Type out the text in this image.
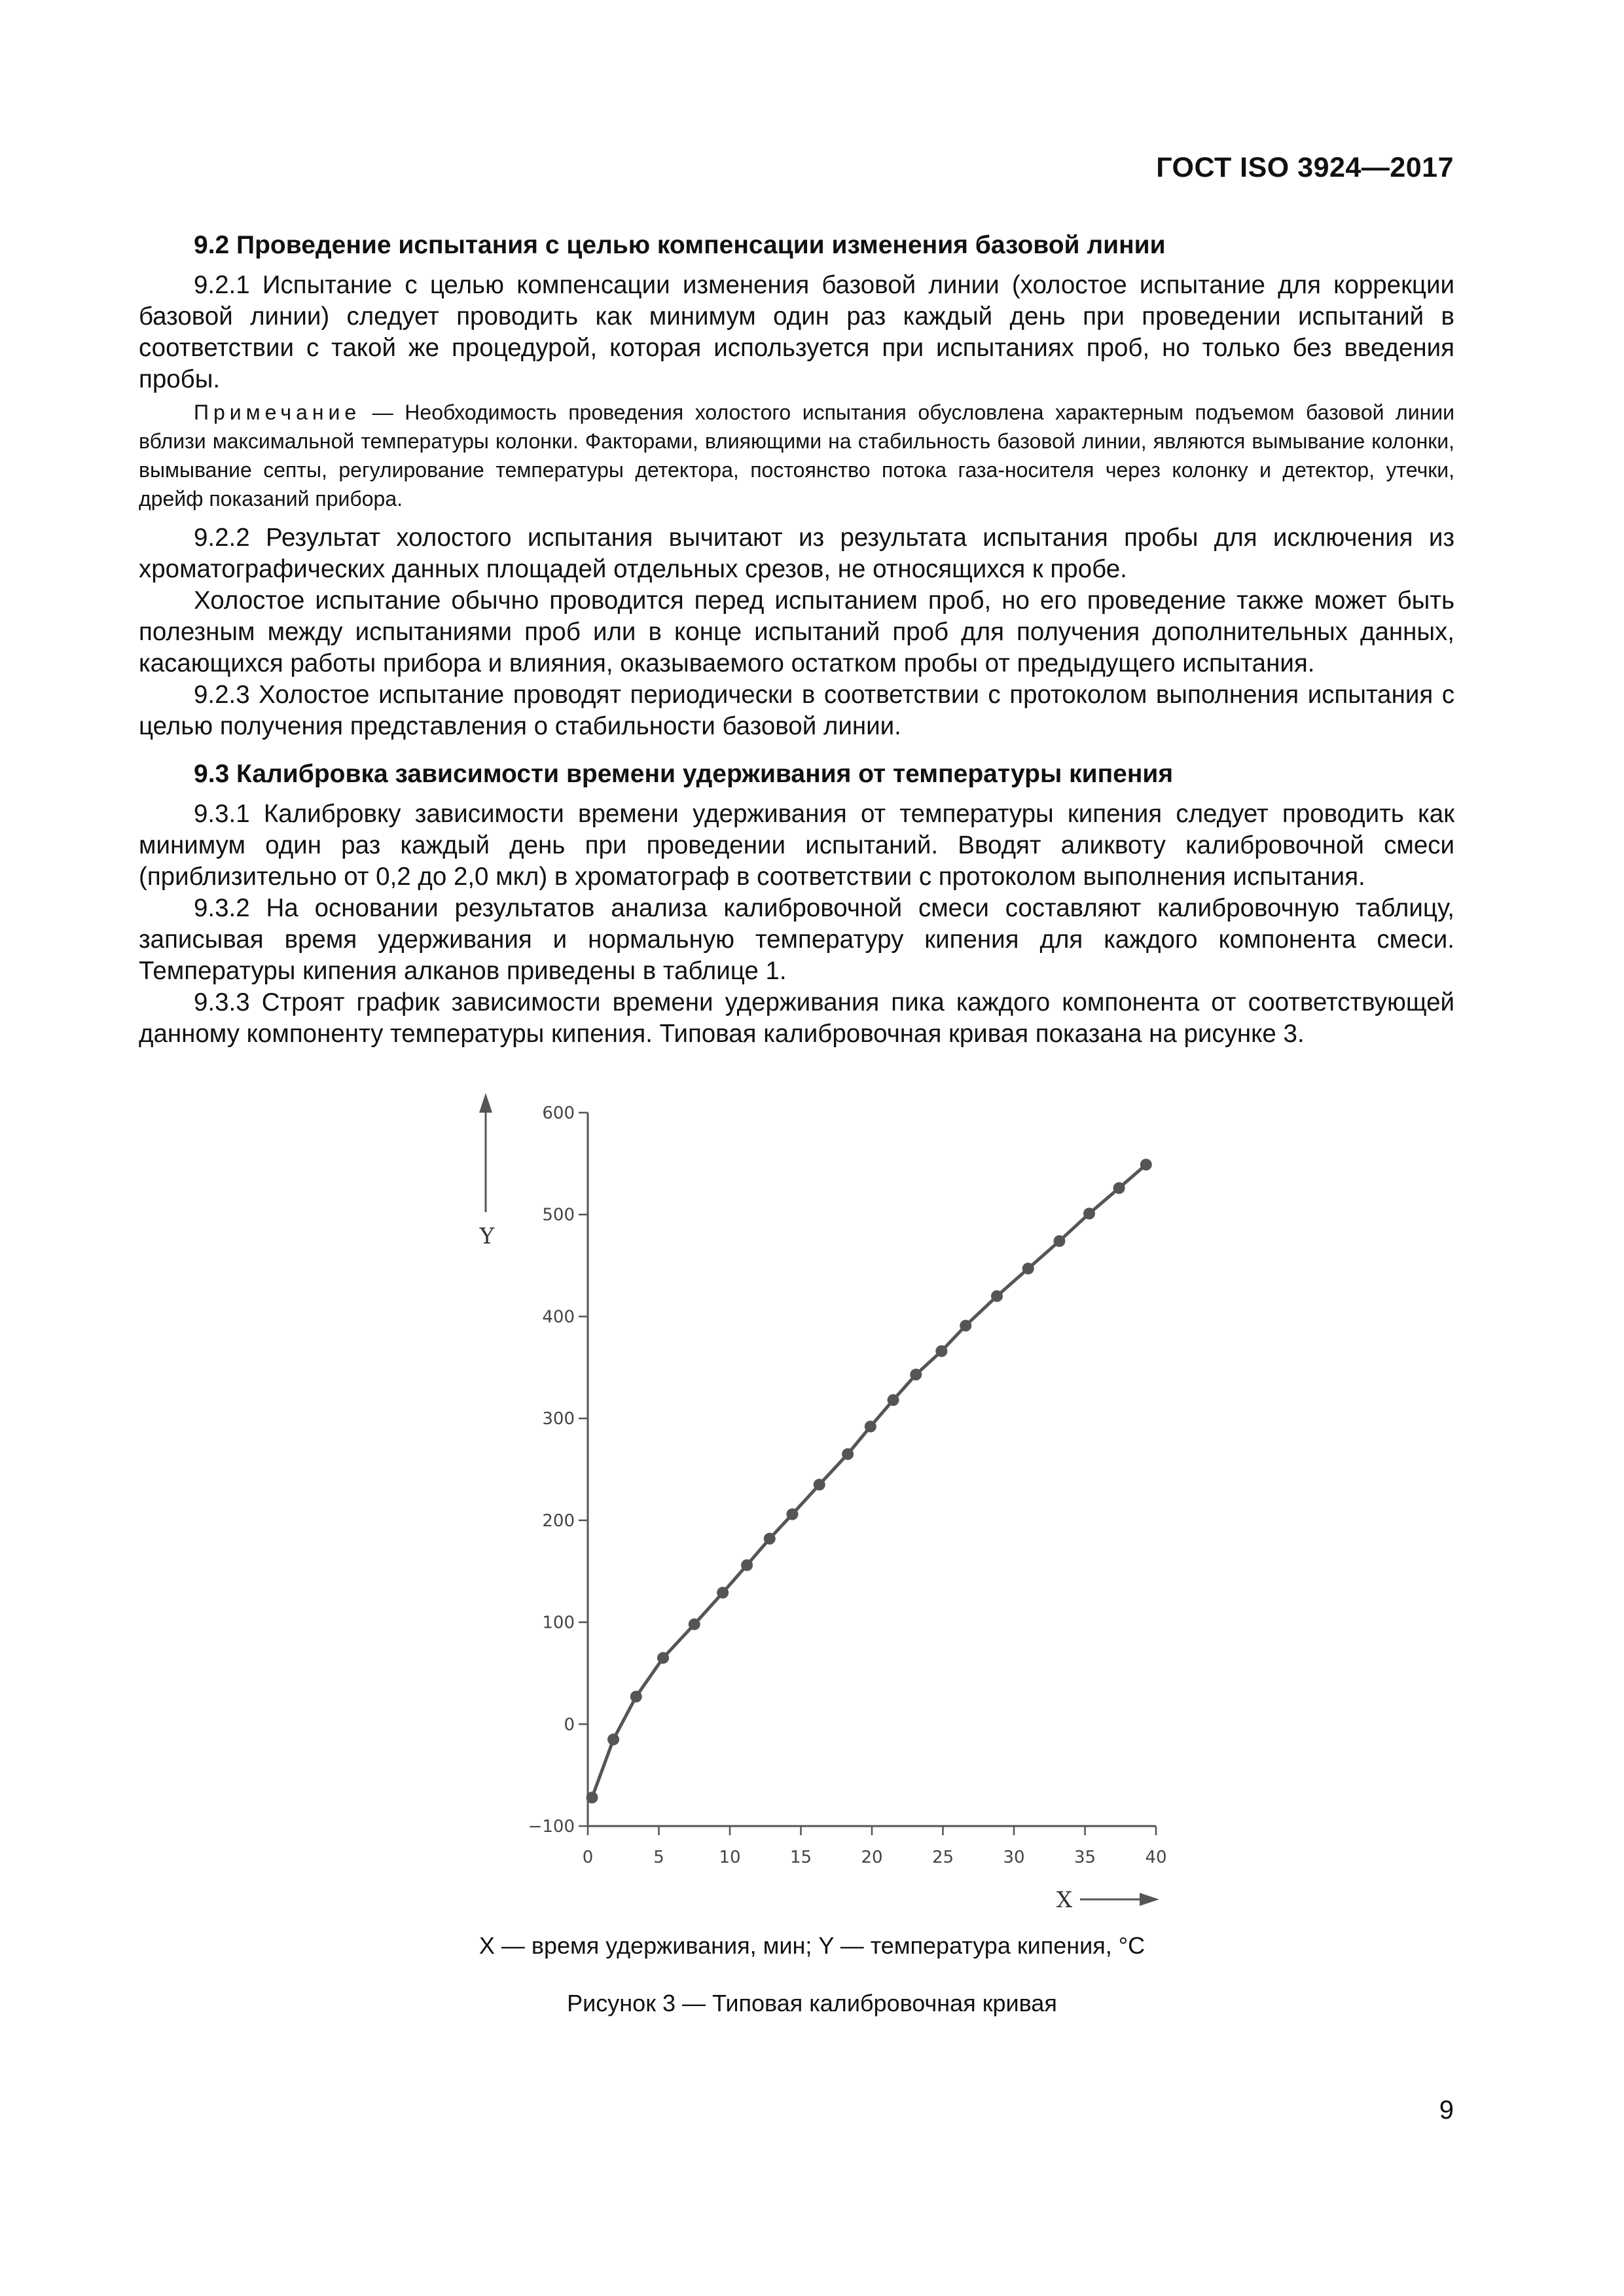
ГОСТ ISO 3924—2017
9.2 Проведение испытания с целью компенсации изменения базовой линии

9.2.1 Испытание с целью компенсации изменения базовой линии (холостое испытание для коррекции базовой линии) следует проводить как минимум один раз каждый день при проведении испытаний в соответствии с такой же процедурой, которая используется при испытаниях проб, но только без введения пробы.

Примечание — Необходимость проведения холостого испытания обусловлена характерным подъемом базовой линии вблизи максимальной температуры колонки. Факторами, влияющими на стабильность базовой линии, являются вымывание колонки, вымывание септы, регулирование температуры детектора, постоянство потока газа-носителя через колонку и детектор, утечки, дрейф показаний прибора.

9.2.2 Результат холостого испытания вычитают из результата испытания пробы для исключения из хроматографических данных площадей отдельных срезов, не относящихся к пробе.

Холостое испытание обычно проводится перед испытанием проб, но его проведение также может быть полезным между испытаниями проб или в конце испытаний проб для получения дополнительных данных, касающихся работы прибора и влияния, оказываемого остатком пробы от предыдущего испытания.

9.2.3 Холостое испытание проводят периодически в соответствии с протоколом выполнения испытания с целью получения представления о стабильности базовой линии.

9.3 Калибровка зависимости времени удерживания от температуры кипения

9.3.1 Калибровку зависимости времени удерживания от температуры кипения следует проводить как минимум один раз каждый день при проведении испытаний. Вводят аликвоту калибровочной смеси (приблизительно от 0,2 до 2,0 мкл) в хроматограф в соответствии с протоколом выполнения испытания.

9.3.2 На основании результатов анализа калибровочной смеси составляют калибровочную таблицу, записывая время удерживания и нормальную температуру кипения для каждого компонента смеси. Температуры кипения алканов приведены в таблице 1.

9.3.3 Строят график зависимости времени удерживания пика каждого компонента от соответствующей данному компоненту температуры кипения. Типовая калибровочная кривая показана на рисунке 3.

Y
X
−100
0
100
200
300
400
500
600
0	5	10	15	20	25	30	35	40
X — время удерживания, мин; Y — температура кипения, °С
Рисунок 3 — Типовая калибровочная кривая
9
